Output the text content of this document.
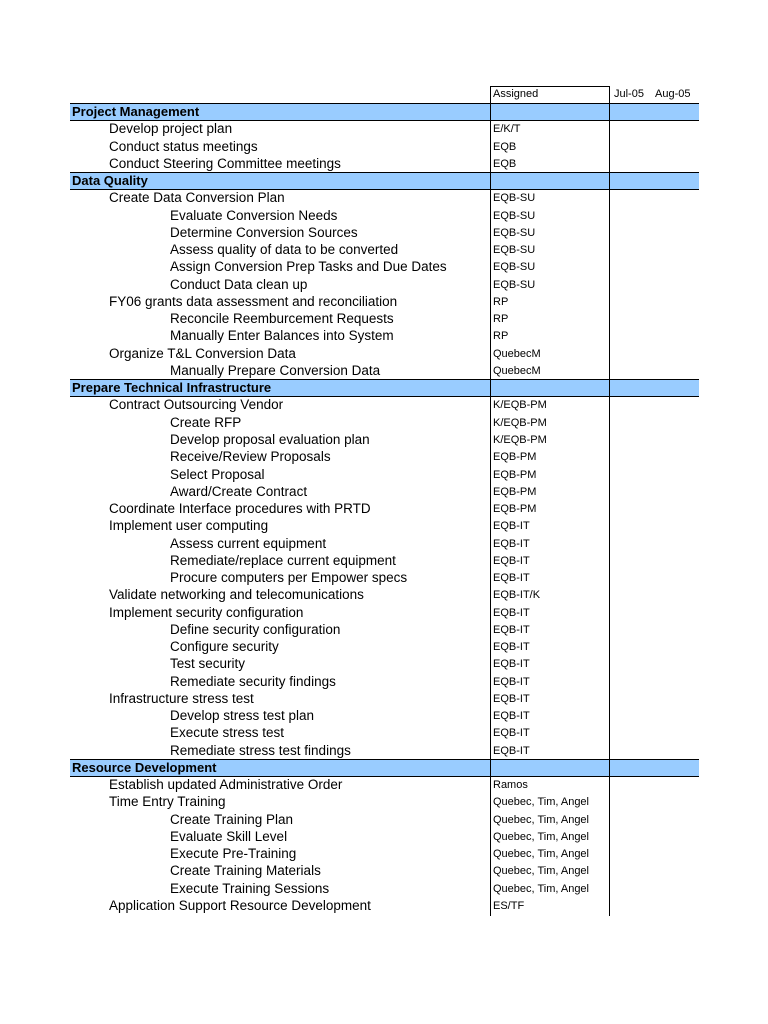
Assigned	Jul-05 Aug-05
Project Management
Develop project plan	E/K/T
Conduct status meetings	EQB
Conduct Steering Committee meetings	EQB
Data Quality
Create Data Conversion Plan	EQB-SU
Evaluate Conversion Needs	EQB-SU
Determine Conversion Sources	EQB-SU
Assess quality of data to be converted	EQB-SU
Assign Conversion Prep Tasks and Due Dates	EQB-SU
Conduct Data clean up	EQB-SU
FY06 grants data assessment and reconciliation	RP
Reconcile Reemburcement Requests	RP
Manually Enter Balances into System	RP
Organize T&L Conversion Data	QuebecM
Manually Prepare Conversion Data	QuebecM
Prepare Technical Infrastructure
Contract Outsourcing Vendor	K/EQB-PM
Create RFP	K/EQB-PM
Develop proposal evaluation plan	K/EQB-PM
Receive/Review Proposals	EQB-PM
Select Proposal	EQB-PM
Award/Create Contract	EQB-PM
Coordinate Interface procedures with PRTD	EQB-PM
Implement user computing	EQB-IT
Assess current equipment	EQB-IT
Remediate/replace current equipment	EQB-IT
Procure computers per Empower specs	EQB-IT
Validate networking and telecomunications	EQB-IT/K
Implement security configuration	EQB-IT
Define security configuration	EQB-IT
Configure security	EQB-IT
Test security	EQB-IT
Remediate security findings	EQB-IT
Infrastructure stress test	EQB-IT
Develop stress test plan	EQB-IT
Execute stress test	EQB-IT
Remediate stress test findings	EQB-IT
Resource Development
Establish updated Administrative Order	Ramos
Time Entry Training	Quebec, Tim, Angel
Create Training Plan	Quebec, Tim, Angel
Evaluate Skill Level	Quebec, Tim, Angel
Execute Pre-Training	Quebec, Tim, Angel
Create Training Materials	Quebec, Tim, Angel
Execute Training Sessions	Quebec, Tim, Angel
Application Support Resource Development	ES/TF
